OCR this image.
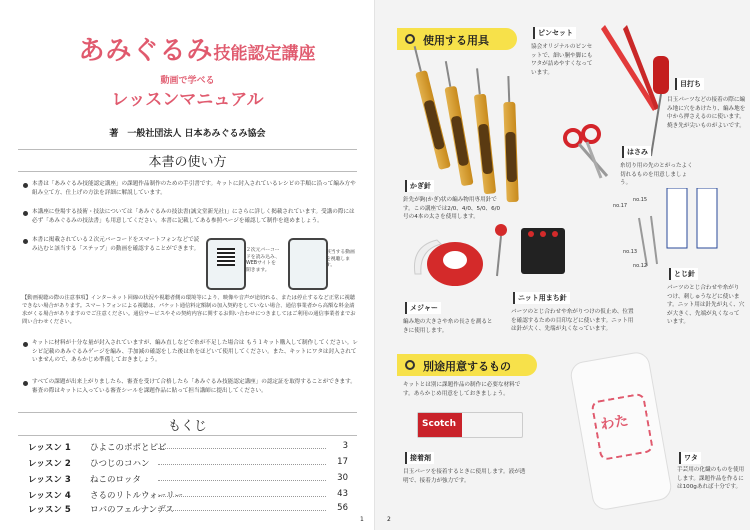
あみぐるみ技能認定講座
動画で学べる
レッスンマニュアル
著　一般社団法人 日本あみぐるみ協会
本書の使い方
本書は「あみぐるみ技能認定講座」の課題作品制作のための手引書です。キットに封入されているレシピの手順に沿って編み方や組み立て方、仕上げの方法を詳細に解説しています。
本講座に登場する技術・技法については「あみぐるみの技法書(誠文堂新光社)」にさらに詳しく掲載されています。受講の際には必ず「あみぐるみの技法書」も用意してください。本書に記載してある参照ページを確認して制作を進めましょう。
本書に掲載されている２次元バーコードをスマートフォンなどで読み込むと該当する「ステップ」の動画を確認することができます。	２次元バーコードを読み込み、WEBサイトを開きます。
該当する動画を視聴します。
【動画視聴の際の注意事項】インターネット回線の状況や視聴者側の環境等により、映像や音声が途切れる、または停止するなど正常に視聴できない場合があります。スマートフォンによる視聴は、パケット通信料定額制の加入契約をしていない場合、通信事業者から高額な料金請求がくる場合がありますのでご注意ください。通信サービスやその契約内容に関するお問い合わせにつきましてはご利用の通信事業者までお問い合わせください。
キットに材料が十分な量が封入されていますが、編み直しなどで糸が不足した場合は もう１キット購入して制作してください。レシピ記載のあみぐるみゲージを編み、手加減の確認をした後は糸をほどいて使用してください。また、キットにワタは封入されていませんので、あらかじめ準備しておきましょう。
すべての課題が出来上がりましたら、審査を受けて合格したら「あみぐるみ技能認定講座」の認定証を取得することができます。審査の際はキットに入っている審査シールを課題作品に貼って担当講師に提出してください。
もくじ
レッスン 1 ひよこのポポとピピ	3
レッスン 2 ひつじのコハン	17
レッスン 3 ねこのロッタ	30
レッスン 4 さるのリトルウォーリー	43
レッスン 5 ロバのフェルナンデス	56
1
使用する用具
ピンセット
協会オリジナルのピンセットで、細い胴や脚にもワタが詰めやすくなっています。
目打ち
目玉パーツなどの接着の際に編み地に穴をあけたり、編み地を中から押さえるのに使います。焼き先が尖いものがよいです。
はさみ
糸切り用の先のとがったよく切れるものを用意しましょう。
かぎ針
針先が鉤(かぎ)状の編み物用専用針です。この講座では2/0、4/0、5/0、6/0号の4本の太さを使用します。
メジャー
編み地の大きさや糸の長さを測るときに使用します。
ニット用まち針
パーツのとじ合わせや糸がりつけの仮止め、位置を確認するための目印などに使います。ニット用は針が大く、先端が丸くなっています。
no.17
no.15
no.13
no.12
とじ針
パーツのとじ合わせや糸がりつけ、刺しゅうなどに使います。ニット用は針先が丸く、穴が大きく、先端が丸くなっています。
別途用意するもの
キットとは別に課題作品の制作に必要な材料です。あらかじめ用意をしておきましょう。
Scotch
接着剤
目玉パーツを接着するときに使用します。液が透明で、接着力が強力です。
わた
ワタ
手芸用の化繊のものを使用します。課題作品を作るには100gあれば十分です。
2
